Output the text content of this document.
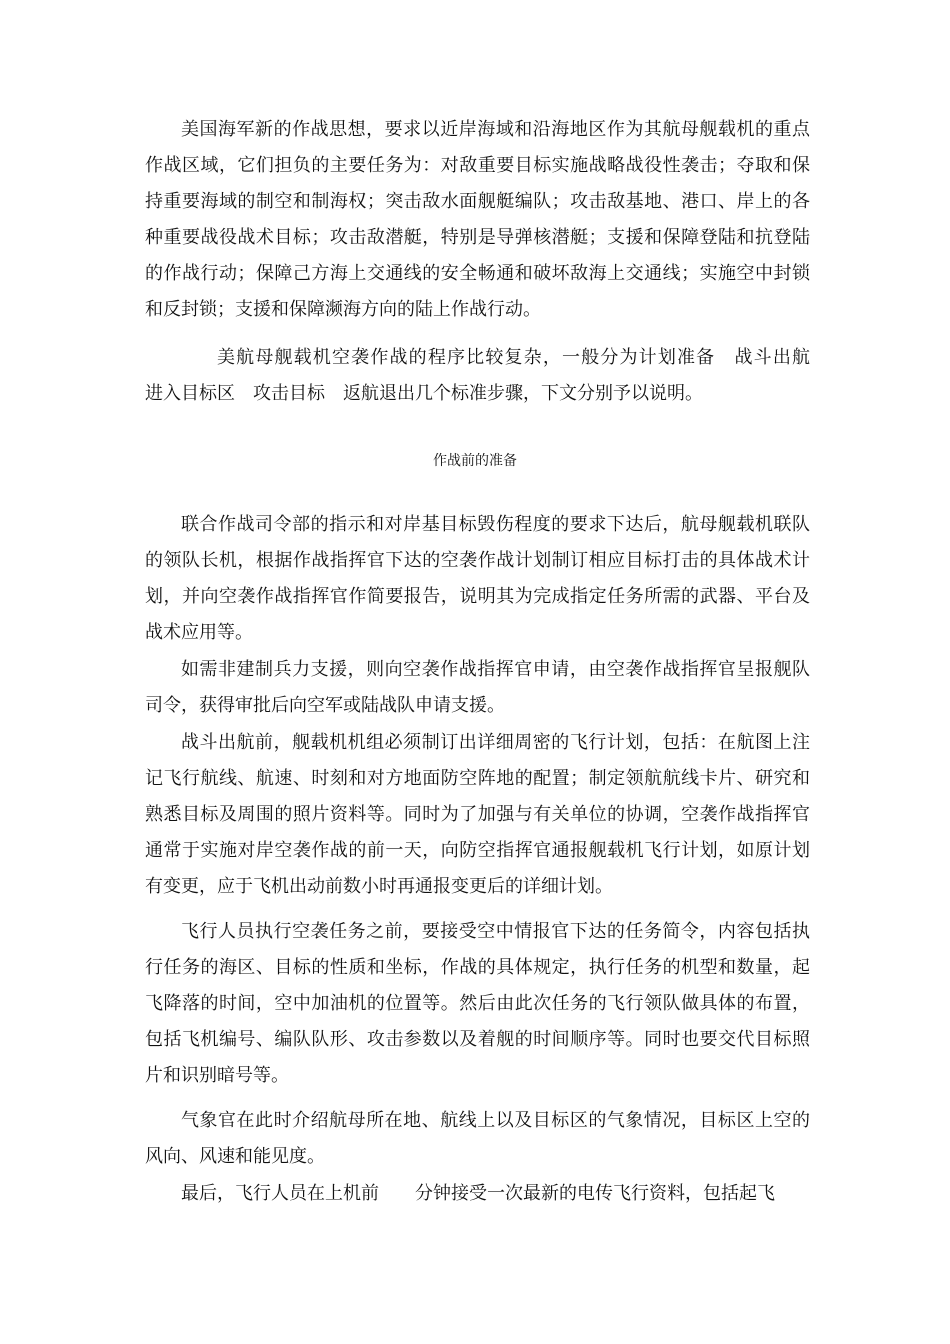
美国海军新的作战思想，要求以近岸海域和沿海地区作为其航母舰载机的重点作战区域，它们担负的主要任务为：对敌重要目标实施战略战役性袭击；夺取和保持重要海域的制空和制海权；突击敌水面舰艇编队；攻击敌基地、港口、岸上的各种重要战役战术目标；攻击敌潜艇，特别是导弹核潜艇；支援和保障登陆和抗登陆的作战行动；保障己方海上交通线的安全畅通和破坏敌海上交通线；实施空中封锁和反封锁；支援和保障濒海方向的陆上作战行动。

美航母舰载机空袭作战的程序比较复杂，一般分为计划准备　战斗出航　进入目标区　攻击目标　返航退出几个标准步骤，下文分别予以说明。

作战前的准备

联合作战司令部的指示和对岸基目标毁伤程度的要求下达后，航母舰载机联队的领队长机，根据作战指挥官下达的空袭作战计划制订相应目标打击的具体战术计划，并向空袭作战指挥官作简要报告，说明其为完成指定任务所需的武器、平台及战术应用等。

如需非建制兵力支援，则向空袭作战指挥官申请，由空袭作战指挥官呈报舰队司令，获得审批后向空军或陆战队申请支援。

战斗出航前，舰载机机组必须制订出详细周密的飞行计划，包括：在航图上注记飞行航线、航速、时刻和对方地面防空阵地的配置；制定领航航线卡片、研究和熟悉目标及周围的照片资料等。同时为了加强与有关单位的协调，空袭作战指挥官通常于实施对岸空袭作战的前一天，向防空指挥官通报舰载机飞行计划，如原计划有变更，应于飞机出动前数小时再通报变更后的详细计划。

飞行人员执行空袭任务之前，要接受空中情报官下达的任务简令，内容包括执行任务的海区、目标的性质和坐标，作战的具体规定，执行任务的机型和数量，起飞降落的时间，空中加油机的位置等。然后由此次任务的飞行领队做具体的布置，包括飞机编号、编队队形、攻击参数以及着舰的时间顺序等。同时也要交代目标照片和识别暗号等。

气象官在此时介绍航母所在地、航线上以及目标区的气象情况，目标区上空的风向、风速和能见度。

最后，飞行人员在上机前　　分钟接受一次最新的电传飞行资料，包括起飞
